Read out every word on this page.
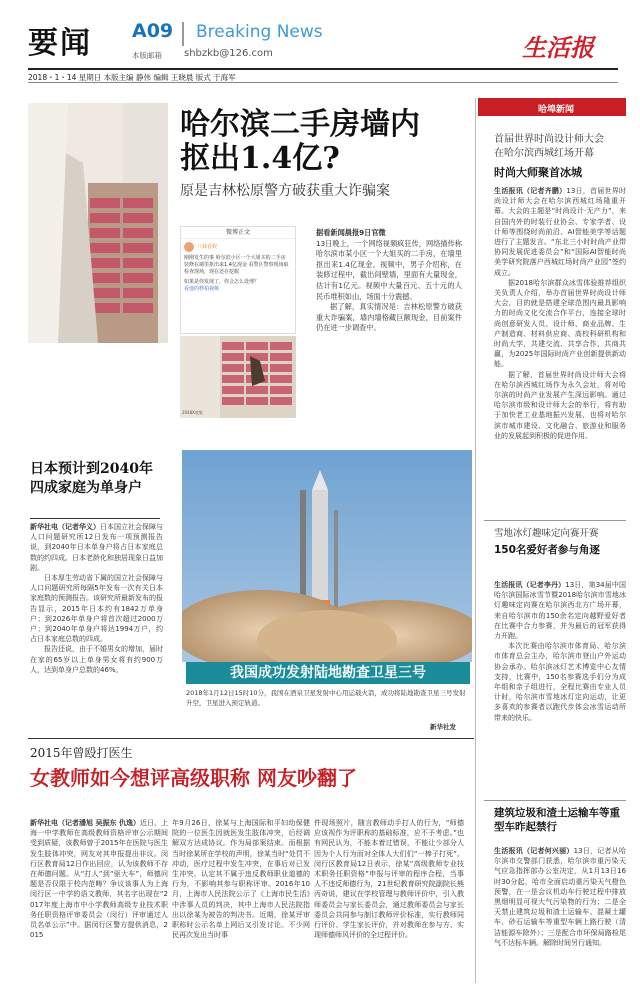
要闻 A09 Breaking News
本版邮箱 shbzkb@126.com	生活报
2018・1・14 星期日 本版主编 静伟 编辑 王晓晨 版式 于海军
哈尔滨二手房墙内
抠出1.4亿?
原是吉林松原警方破获重大诈骗案
微博正文
八妹看娱
刚刚发生的事 哈尔滨小区一个大姐买的二手房 装修在墙里抠出来1.4亿现金 看警区警察现场取检查现场，现在还在挖掘
如果是你发现了，你会怎么处理？
看他的秒拍视频
2048X收集

据看新闻晨报9日官微

13日晚上，一个网络视频疯狂传，网络描传称哈尔滨市某小区一个大姐买的二手房，在墙里抠出来1.4亿现金。视频中，男子介绍称，在装修过程中，截出间壁墙，里面有大量现金，估计有1亿元。视频中大量百元、五十元的人民币堆积如山，场面十分震撼。

据了解，真实情况是：吉林松原警方破获重大诈骗案，墙内墙格藏巨额现金，目前案件仍在进一步调查中。

日本预计到2040年四成家庭为单身户

新华社电（记者华义）日本国立社会保障与人口问题研究所12日发布一项预测报告说，到2040年日本单身户将占日本家庭总数的约四成。日本老龄化和独居现象日益加剧。

日本厚生劳动省下属的国立社会保障与人口问题研究所每隔5年发布一次有关日本家庭数的预测报告。该研究所最新发布的报告显示，2015年日本约有1842万单身户；到2026年单身户将首次超过2000万户；到2040年单身户将达1994万户，约占日本家庭总数的四成。

报告还说，由于不婚男女的增加，届时在家的65岁以上单身男女将有约900万人，达到单身户总数的46%。	我国成功发射陆地勘查卫星三号
2018年1月12日15时10分，我国在酒泉卫星发射中心用运载火箭，成功将陆地勘查卫星三号发射升空，卫星进入预定轨道。
新华社发
2015年曾殴打医生
女教师如今想评高级职称 网友吵翻了

新华社电（记者潘旭 吴振东 仇逸）近日，上海一中学教师在高级教师资格评审公示期间受到质疑，该教师曾于2015年在医院与医生发生肢体冲突，网友对其申报提出非议。闵行区教育局12日作出回应，认为该教师不存在师德问题。从“打人”到“驱大车”，师德问题是否仅限于校内范畴？争议该事人为上海闵行区一中学的语文教师，其名字出现在“2017年度上海市中小学教师高级专业技术职务任职资格评审委员会（闵行）评审通过人员名单公示”中。据闵行区警方提供消息，2015

年9月26日，徐某与上海国际和平妇幼保健院的一位医生因就医发生肢体冲突，后经调解双方达成协议。作为局部案结束。而根据当时徐某所在学校的声明，徐某当时“处罚不冲动，医疗过程中发生冲突，在事后对已发生冲突，认定其不属于违反教师职业道德的行为，不影响其参与职称评审。2016年10月，上海市人民法院公示了《上海市民生活》中涉事人员的判决，其中上海市人民法院指出以徐某为被告的判决书。近期，徐某评审职称时公示名单上网后又引发讨论。不少网民再次发出当时事

件现场照片，随言教师动手打人的行为，“师德应该视作为评职称的基础标准，应不予考虑。”也有网民认为，不能本着过错误，不能让少部分人因为个人行为而对全体人大们们“一棒子打死”。闵行区教育局12日表示，徐某“高级教师专业技术职务任职资格”申报与评审的程序合程，当事人不违反师德行为，21世纪教育研究院副院长熊丙奇说，建议在学校管理与教师评价中，引入教师委员会与家长委员会，通过教师委员会与家长委员会共同参与制订教师评价标准，实行教师同行评价、学生家长评价，并对教师在参与方、实现师德师风评价的全过程评价。

哈埠新闻
首届世界时尚设计师大会
在哈尔滨西城红场开幕
时尚大师聚首冰城

生活报讯（记者齐鹏）13日，首届世界时尚设计师大会在哈尔滨西城红场隆重开幕。大会的主题是“时尚设计·无产力”，来自国内外的时装行业协会、专家学者、设计师等围绕时尚前沿、AI智能美学等话题进行了主题发言。“东北三小时时尚产业带协同发展促进委员会”和“国际AI智能时尚美学研究院落户西城红场时尚产业园”签约成立。

据2018哈尔滨群众冰雪体验推荐组织关负责人介绍，举办首届世界时尚设计师大会，目的就是搭建全球范围内最具影响力的时尚文化交流合作平台，连接全球时尚创意研发人员、设计师、商业品牌、生产制造商、材料供应商、高校科研机构和时尚大学，共建交流、共享合作、共商共赢，为2025年国际时尚产业创新提供新动能。

据了解，首届世界时尚设计师大会将在哈尔滨西城红场作为永久会址，将对哈尔滨的时尚产业发展产生深远影响。通过哈尔滨市级和设计师大会的举行，将有助于加快老工业基地振兴发展，也将对哈尔滨市城市建设、文化融合、旅游业和服务业的发展起到积极的促进作用。

雪地冰灯趣味定向赛开赛
150名爱好者参与角逐

生活报讯（记者李丹）13日，第34届中国哈尔滨国际冰雪节暨2018哈尔滨市雪地冰灯趣味定向赛在哈尔滨西北方广场开幕，来自哈尔滨市的150余名定向越野爱好者在比赛中合力参赛，并为最后的冠军获得力开跑。

本次比赛由哈尔滨市体育局、哈尔滨市体育总会主办，哈尔滨市登山户外运动协会承办。哈尔滨冰灯艺术博览中心友情支持，比赛中，150名参赛选手们分为成年组和亲子组进行，全程比赛由专业人员计时，哈尔滨市雪地冰灯定向运动，让更多喜欢的参赛者以跑代步体会冰雪运动所带来的快乐。

建筑垃圾和渣土运输车等重型车昨起禁行

生活报讯（记者何兴丽）13日，记者从哈尔滨市交警部门获悉，哈尔滨市重污染天气应急指挥部办公室决定，从1月13日16时30分起，哈市全面启动重污染天气橙色预警，在一是会议机动车行驶过程中排放黑烟明显可视大气污染物的行为；二是全天禁止建筑垃圾和渣土运输车、混凝土罐车、砂石运输车等重型车辆上路行驶（清洁能源车除外）；三是配合市环保局路检尾气不达标车辆。解除时间另行通知。
